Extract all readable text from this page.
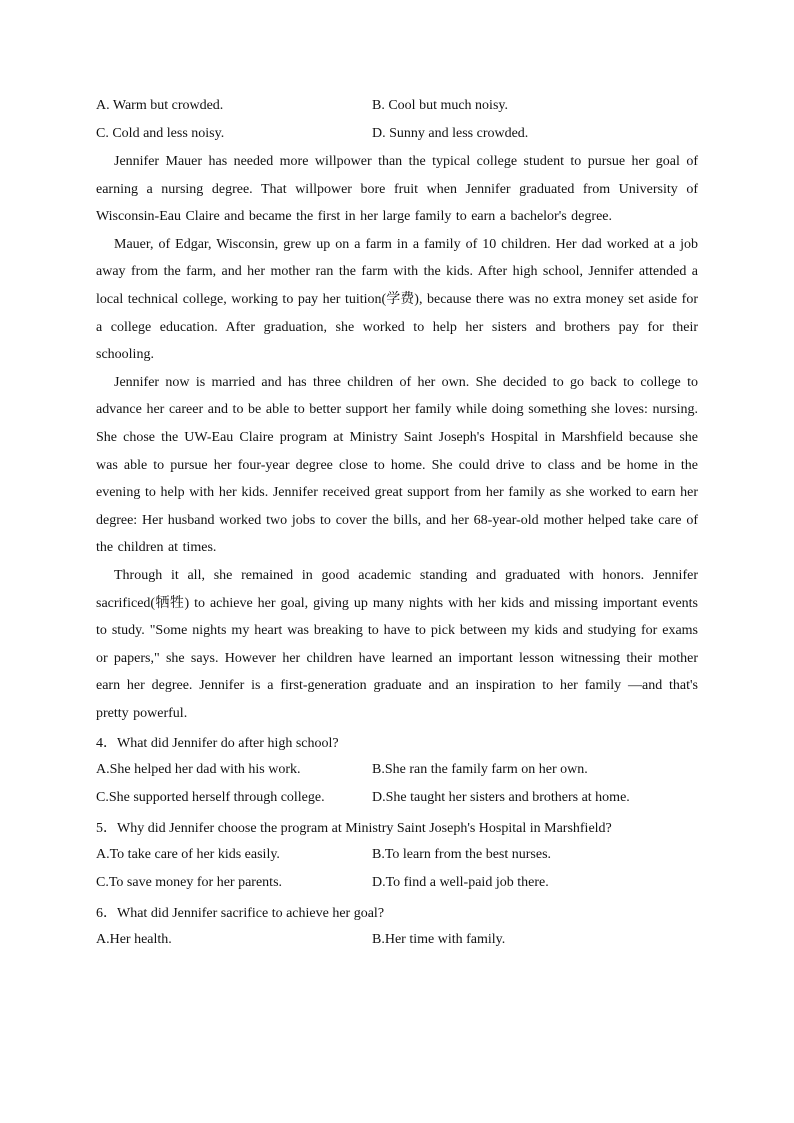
A. Warm but crowded.	B. Cool but much noisy.
C. Cold and less noisy.	D. Sunny and less crowded.

Jennifer Mauer has needed more willpower than the typical college student to pursue her goal of earning a nursing degree. That willpower bore fruit when Jennifer graduated from University of Wisconsin-Eau Claire and became the first in her large family to earn a bachelor's degree.

Mauer, of Edgar, Wisconsin, grew up on a farm in a family of 10 children. Her dad worked at a job away from the farm, and her mother ran the farm with the kids. After high school, Jennifer attended a local technical college, working to pay her tuition(学费), because there was no extra money set aside for a college education. After graduation, she worked to help her sisters and brothers pay for their schooling.

Jennifer now is married and has three children of her own. She decided to go back to college to advance her career and to be able to better support her family while doing something she loves: nursing. She chose the UW-Eau Claire program at Ministry Saint Joseph's Hospital in Marshfield because she was able to pursue her four-year degree close to home. She could drive to class and be home in the evening to help with her kids. Jennifer received great support from her family as she worked to earn her degree: Her husband worked two jobs to cover the bills, and her 68-year-old mother helped take care of the children at times.

Through it all, she remained in good academic standing and graduated with honors. Jennifer sacrificed(牺牲) to achieve her goal, giving up many nights with her kids and missing important events to study. "Some nights my heart was breaking to have to pick between my kids and studying for exams or papers," she says. However her children have learned an important lesson witnessing their mother earn her degree. Jennifer is a first-generation graduate and an inspiration to her family —and that's pretty powerful.

4．What did Jennifer do after high school?
A.She helped her dad with his work.	B.She ran the family farm on her own.
C.She supported herself through college.	D.She taught her sisters and brothers at home.
5．Why did Jennifer choose the program at Ministry Saint Joseph's Hospital in Marshfield?
A.To take care of her kids easily.	B.To learn from the best nurses.
C.To save money for her parents.	D.To find a well-paid job there.
6．What did Jennifer sacrifice to achieve her goal?
A.Her health.	B.Her time with family.
